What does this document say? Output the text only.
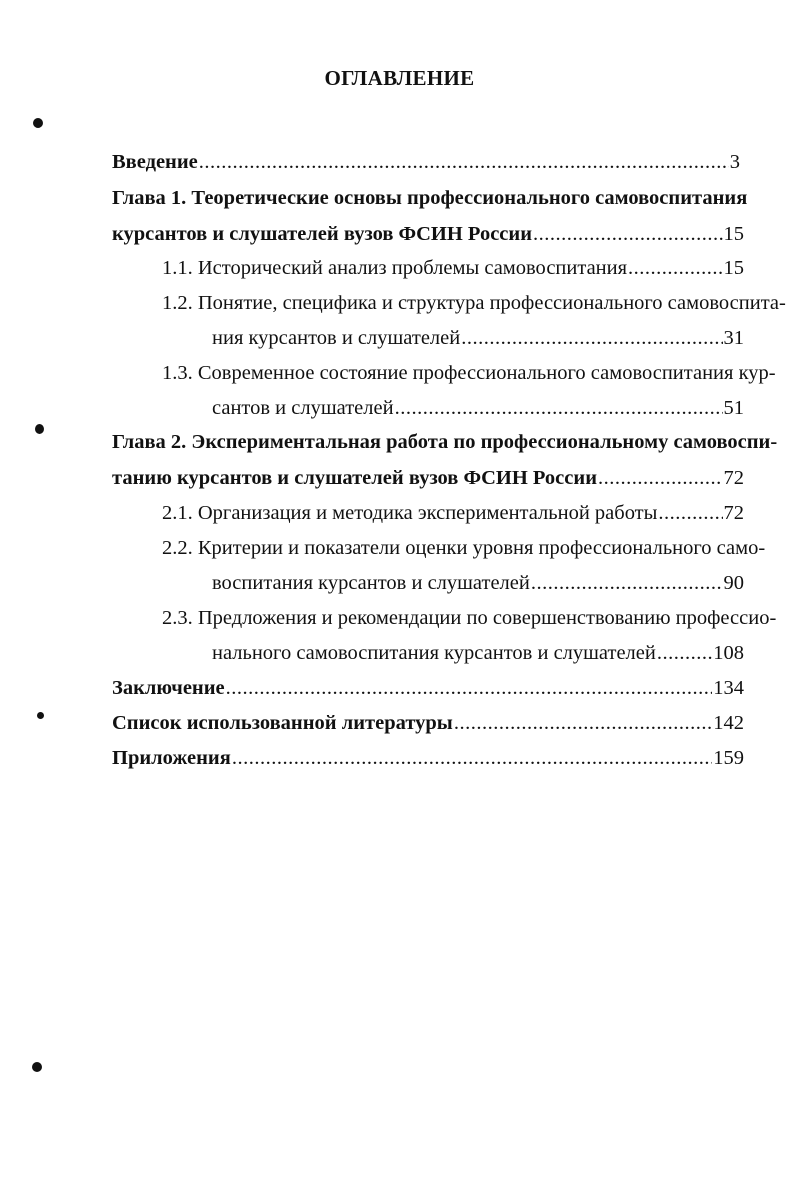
ОГЛАВЛЕНИЕ
Введение .....	3
Глава 1. Теоретические основы профессионального самовоспитания
курсантов и слушателей вузов ФСИН России .....	15
1.1. Исторический анализ проблемы самовоспитания .....	15
1.2. Понятие, специфика и структура профессионального самовоспита-
ния курсантов и слушателей .....	31
1.3. Современное состояние профессионального самовоспитания кур-
сантов и слушателей .....	51
Глава 2. Экспериментальная работа по профессиональному самовоспи-
танию курсантов и слушателей вузов ФСИН России .....	72
2.1. Организация и методика экспериментальной работы .....	72
2.2. Критерии и показатели оценки уровня профессионального само-
воспитания курсантов и слушателей .....	90
2.3. Предложения и рекомендации по совершенствованию профессио-
нального самовоспитания курсантов и слушателей .....	108
Заключение .....	134
Список использованной литературы .....	142
Приложения .....	159
